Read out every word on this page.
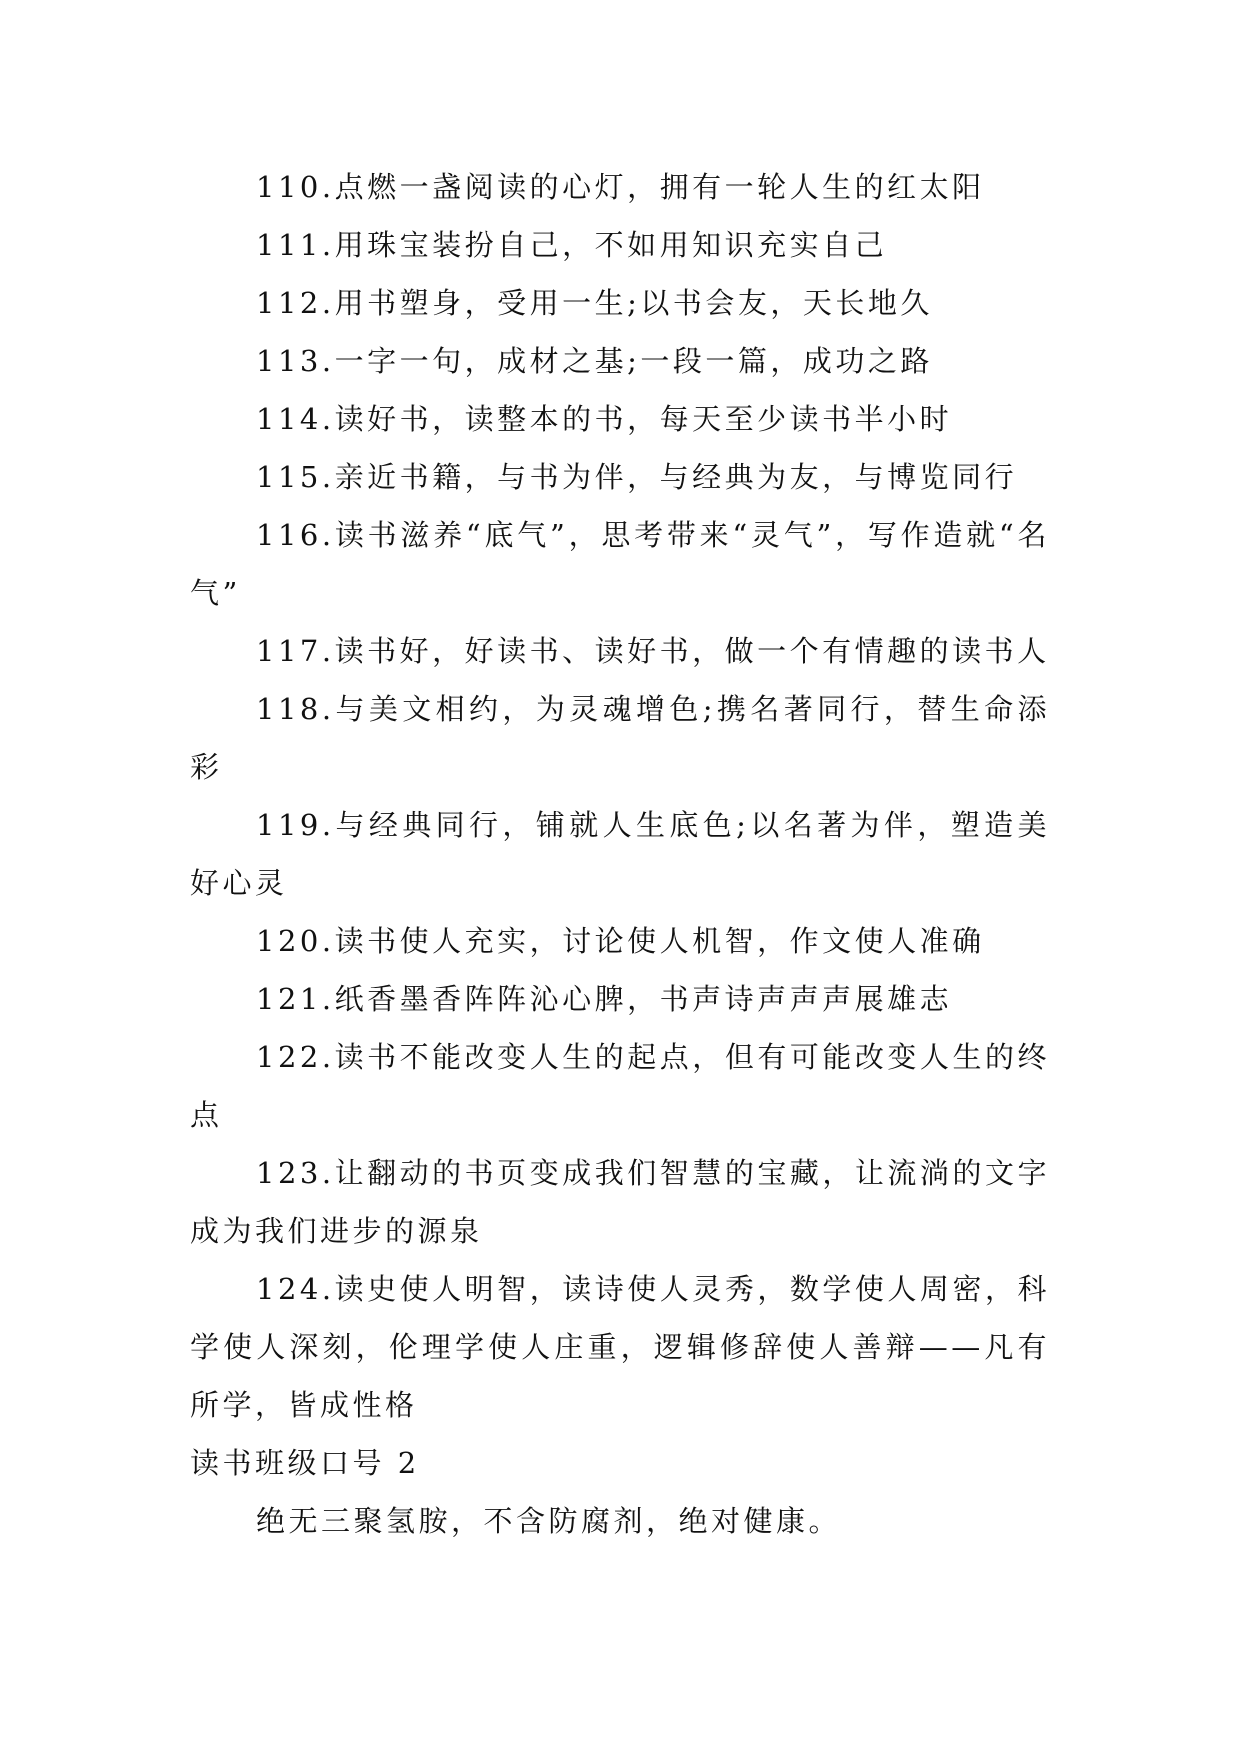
110.点燃一盏阅读的心灯，拥有一轮人生的红太阳

111.用珠宝装扮自己，不如用知识充实自己

112.用书塑身，受用一生;以书会友，天长地久

113.一字一句，成材之基;一段一篇，成功之路

114.读好书，读整本的书，每天至少读书半小时

115.亲近书籍，与书为伴，与经典为友，与博览同行

116.读书滋养“底气”，思考带来“灵气”，写作造就“名气”

117.读书好，好读书、读好书，做一个有情趣的读书人

118.与美文相约，为灵魂增色;携名著同行，替生命添彩

119.与经典同行，铺就人生底色;以名著为伴，塑造美好心灵

120.读书使人充实，讨论使人机智，作文使人准确

121.纸香墨香阵阵沁心脾，书声诗声声声展雄志

122.读书不能改变人生的起点，但有可能改变人生的终点

123.让翻动的书页变成我们智慧的宝藏，让流淌的文字成为我们进步的源泉

124.读史使人明智，读诗使人灵秀，数学使人周密，科学使人深刻，伦理学使人庄重，逻辑修辞使人善辩——凡有所学，皆成性格

读书班级口号 2

绝无三聚氢胺，不含防腐剂，绝对健康。
